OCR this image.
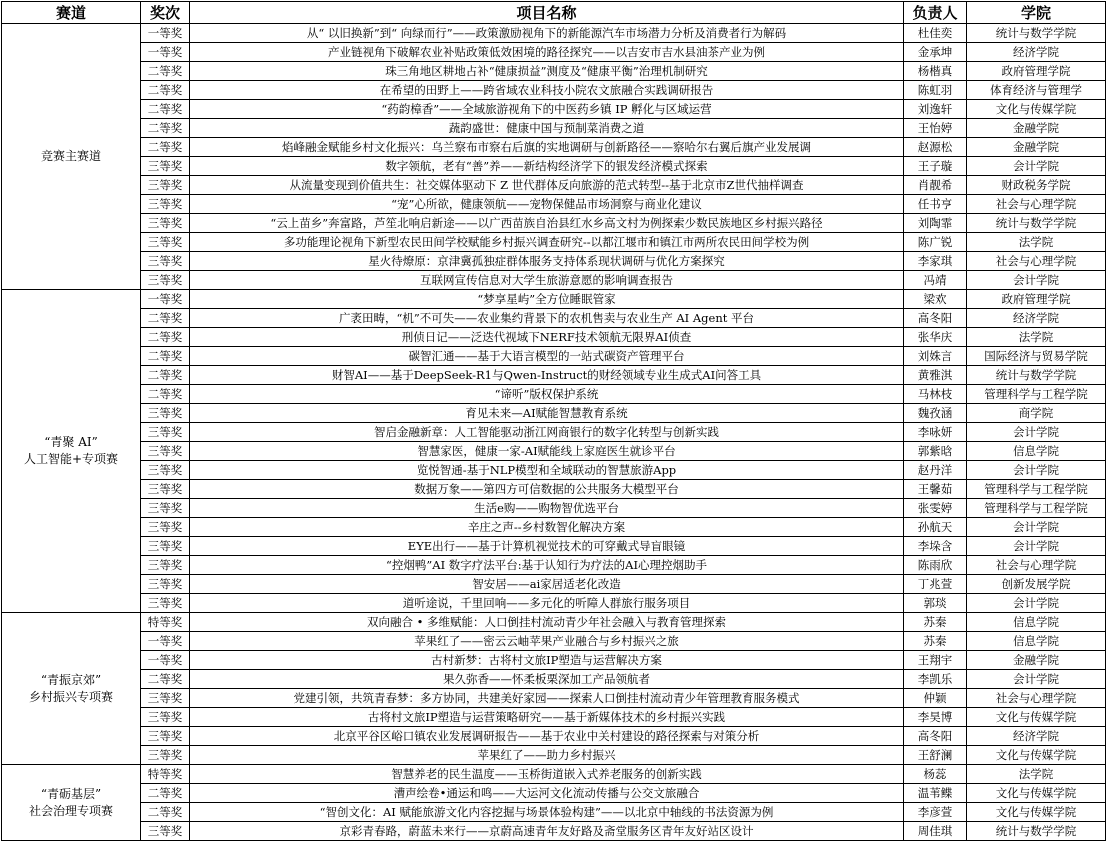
赛道	奖次	项目名称	负责人	学院

竞赛主赛道	一等奖	从“ 以旧换新”到“ 向绿而行”——政策激励视角下的新能源汽车市场潜力分析及消费者行为解码	杜佳奕	统计与数学学院
	一等奖	产业链视角下破解农业补贴政策低效困境的路径探究——以吉安市吉水县油茶产业为例	金承坤	经济学院
	二等奖	珠三角地区耕地占补“健康损益”测度及“健康平衡”治理机制研究	杨楷真	政府管理学院
	二等奖	在希望的田野上——跨省域农业科技小院农文旅融合实践调研报告	陈虹羽	体育经济与管理学
	二等奖	“药韵樟香”——全域旅游视角下的中医药乡镇 IP 孵化与区域运营	刘逸轩	文化与传媒学院
	二等奖	蔬韵盛世：健康中国与预制菜消费之道	王怡婷	金融学院
	二等奖	焰峰融金赋能乡村文化振兴：乌兰察布市察右后旗的实地调研与创新路径——察哈尔右翼后旗产业发展调	赵源松	金融学院
	三等奖	数字领航，老有“善”养——新结构经济学下的银发经济模式探索	王子璇	会计学院
	三等奖	从流量变现到价值共生：社交媒体驱动下 Z 世代群体反向旅游的范式转型--基于北京市Z世代抽样调查	肖靓希	财政税务学院
	三等奖	“宠”心所欲，健康领航——宠物保健品市场洞察与商业化建议	任书亨	社会与心理学院
	三等奖	“云上苗乡”奔富路，芦笙北响启新途——以广西苗族自治县红水乡高文村为例探索少数民族地区乡村振兴路径	刘陶霏	统计与数学学院
	三等奖	多功能理论视角下新型农民田间学校赋能乡村振兴调查研究--以都江堰市和镇江市两所农民田间学校为例	陈广锐	法学院
	三等奖	星火待燎原：京津冀孤独症群体服务支持体系现状调研与优化方案探究	李家琪	社会与心理学院
	三等奖	互联网宣传信息对大学生旅游意愿的影响调查报告	冯靖	会计学院

“青聚 AI”
人工智能+专项赛	一等奖	“梦享星屿”全方位睡眠管家	梁欢	政府管理学院
	二等奖	广袤田畴，“机”不可失——农业集约背景下的农机售卖与农业生产 AI Agent 平台	高冬阳	经济学院
	二等奖	刑侦日记——泛迭代视域下NERF技术领航无限界AI侦查	张华庆	法学院
	二等奖	碳智汇通——基于大语言模型的一站式碳资产管理平台	刘姝言	国际经济与贸易学院
	二等奖	财智AI——基于DeepSeek-R1与Qwen-Instruct的财经领域专业生成式AI问答工具	黄雅淇	统计与数学学院
	二等奖	“谛听”版权保护系统	马林枝	管理科学与工程学院
	三等奖	育见未来—AI赋能智慧教育系统	魏孜涵	商学院
	三等奖	智启金融新章：人工智能驱动浙江网商银行的数字化转型与创新实践	李咏妍	会计学院
	三等奖	智慧家医，健康一家-AI赋能线上家庭医生就诊平台	郭紫晗	信息学院
	三等奖	览悦智通-基于NLP模型和全域联动的智慧旅游App	赵丹洋	会计学院
	三等奖	数据万象——第四方可信数据的公共服务大模型平台	王馨茹	管理科学与工程学院
	三等奖	生活e购——购物智优选平台	张雯婷	管理科学与工程学院
	三等奖	辛庄之声--乡村数智化解决方案	孙航天	会计学院
	三等奖	EYE出行——基于计算机视觉技术的可穿戴式导盲眼镜	李垛含	会计学院
	三等奖	“控烟鸭”AI 数字疗法平台:基于认知行为疗法的AI心理控烟助手	陈雨欣	社会与心理学院
	三等奖	智安居——ai家居适老化改造	丁兆萱	创新发展学院
	三等奖	道听途说，千里回响——多元化的听障人群旅行服务项目	郭琰	会计学院

“青振京郊”
乡村振兴专项赛	特等奖	双向融合 • 多维赋能：人口倒挂村流动青少年社会融入与教育管理探索	苏秦	信息学院
	一等奖	苹果红了——密云云岫苹果产业融合与乡村振兴之旅	苏秦	信息学院
	一等奖	古村新梦：古将村文旅IP塑造与运营解决方案	王翔宇	金融学院
	二等奖	果久弥香——怀柔板栗深加工产品领航者	李凯乐	会计学院
	三等奖	党建引领，共筑青春梦：多方协同，共建美好家园——探索人口倒挂村流动青少年管理教育服务模式	仲颖	社会与心理学院
	三等奖	古将村文旅IP塑造与运营策略研究——基于新媒体技术的乡村振兴实践	李昊博	文化与传媒学院
	三等奖	北京平谷区峪口镇农业发展调研报告——基于农业中关村建设的路径探索与对策分析	高冬阳	经济学院
	三等奖	苹果红了——助力乡村振兴	王舒澜	文化与传媒学院

“青砺基层”
社会治理专项赛	特等奖	智慧养老的民生温度——玉桥街道嵌入式养老服务的创新实践	杨蕊	法学院
	二等奖	漕声绘卷•通运和鸣——大运河文化流动传播与公交文旅融合	温苇鲽	文化与传媒学院
	二等奖	“智创文化：AI 赋能旅游文化内容挖掘与场景体验构建”——以北京中轴线的书法资源为例	李彦萱	文化与传媒学院
	三等奖	京彩青春路，蔚蓝未来行——京蔚高速青年友好路及斋堂服务区青年友好站区设计	周佳琪	统计与数学学院
